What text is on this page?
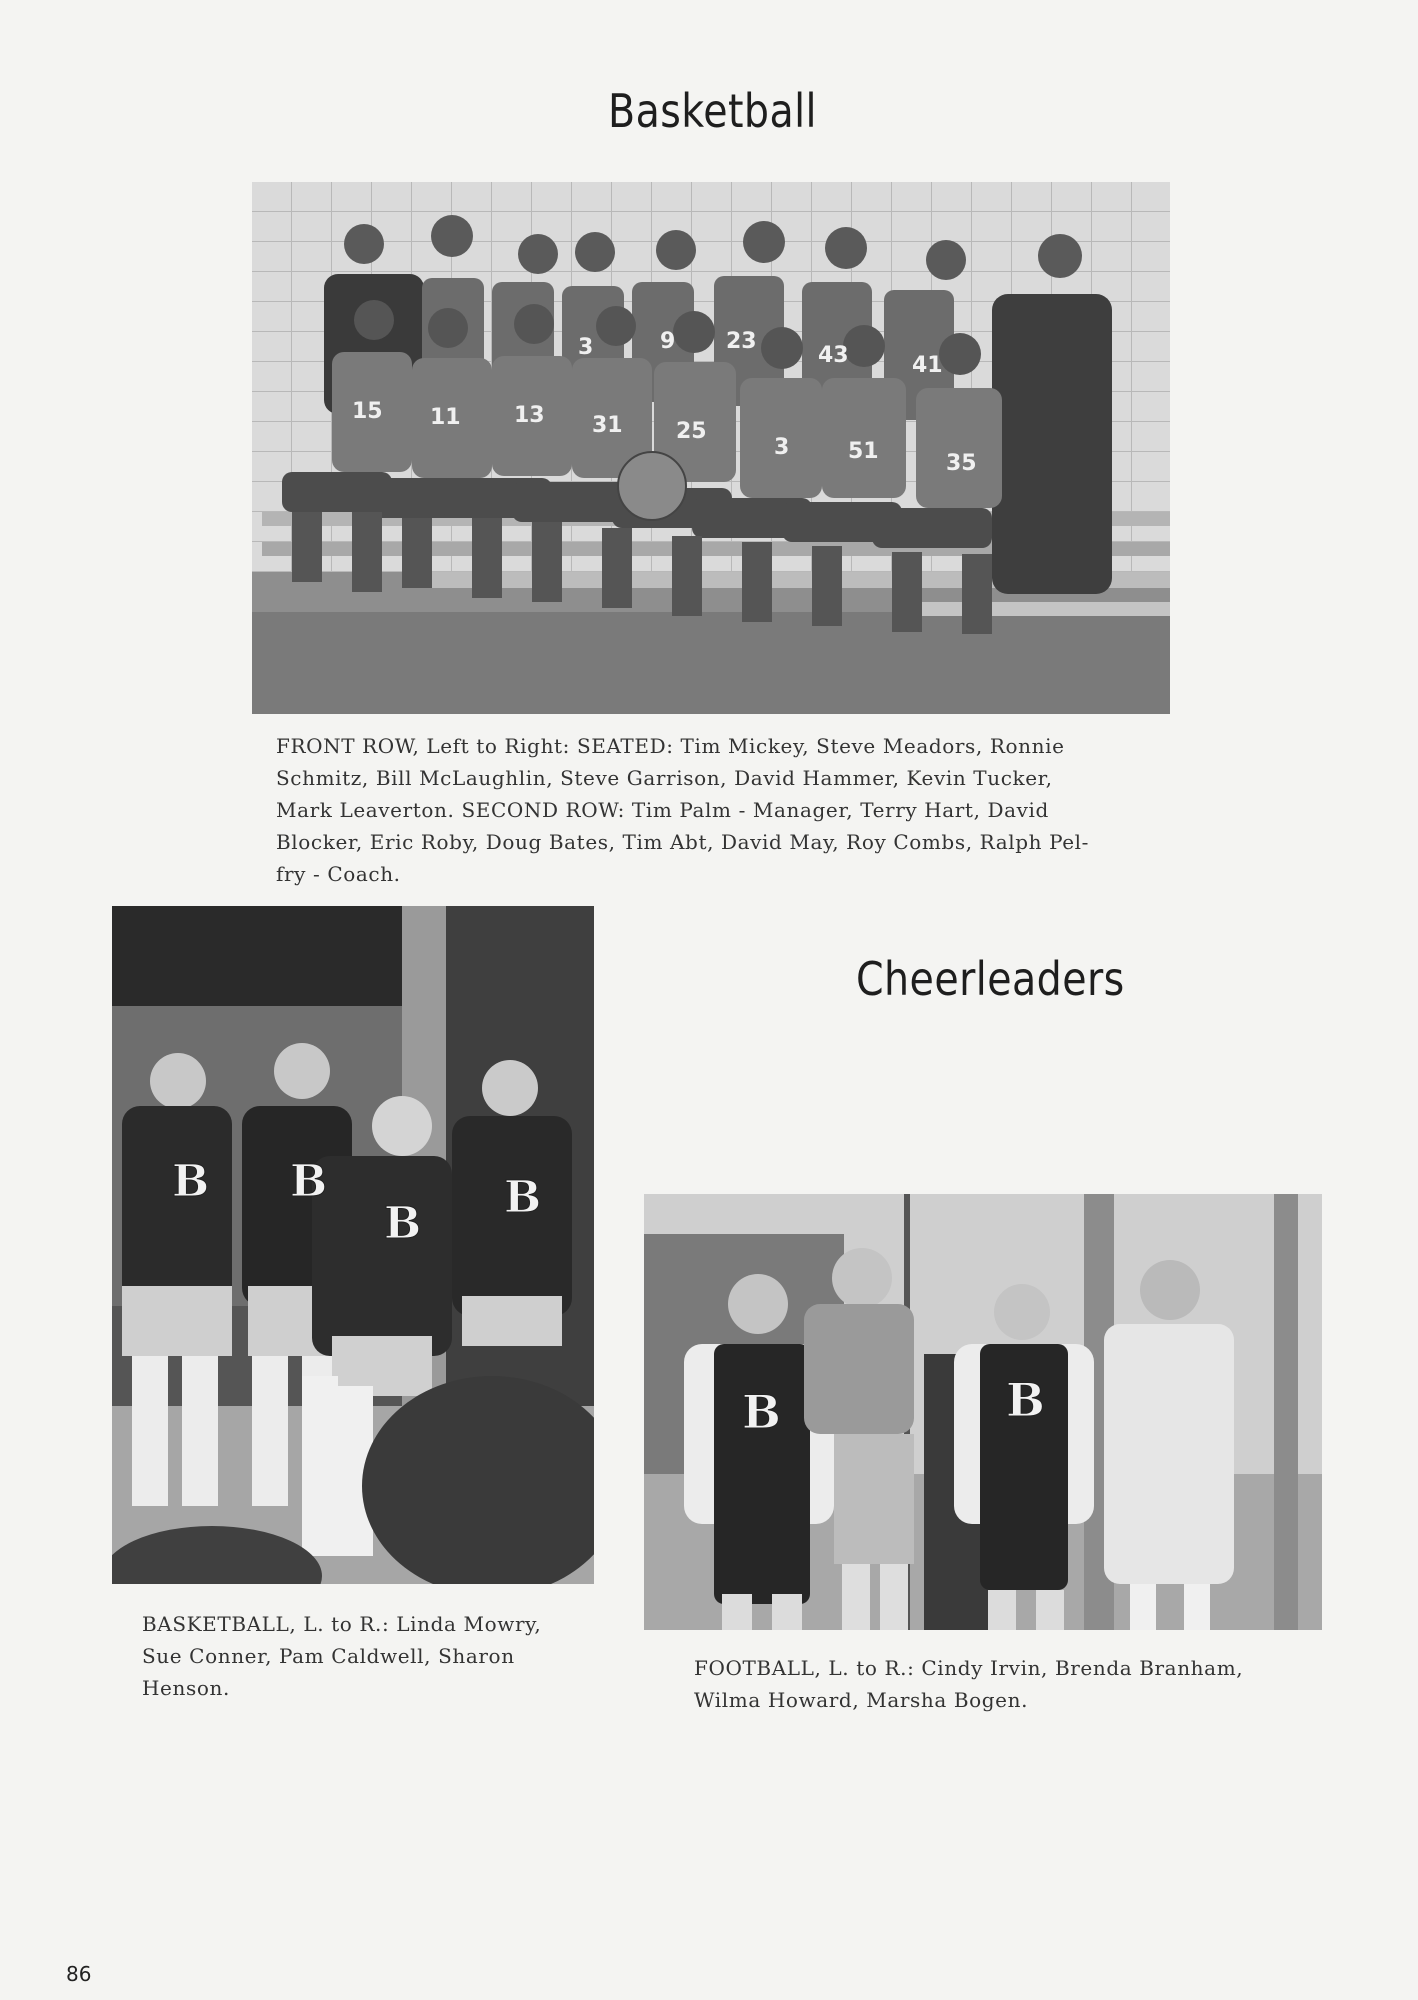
Basketball
15 11 13 31 25
3	51	35
3	9 23
43	41

FRONT ROW, Left to Right: SEATED: Tim Mickey, Steve Meadors, Ronnie
Schmitz, Bill McLaughlin, Steve Garrison, David Hammer, Kevin Tucker,
Mark Leaverton. SECOND ROW: Tim Palm - Manager, Terry Hart, David
Blocker, Eric Roby, Doug Bates, Tim Abt, David May, Roy Combs, Ralph Pel-
fry - Coach.

Cheerleaders
B B
B
B

BASKETBALL, L. to R.: Linda Mowry,
Sue Conner, Pam Caldwell, Sharon
Henson.

B	B

FOOTBALL, L. to R.: Cindy Irvin, Brenda Branham,
Wilma Howard, Marsha Bogen.

86
